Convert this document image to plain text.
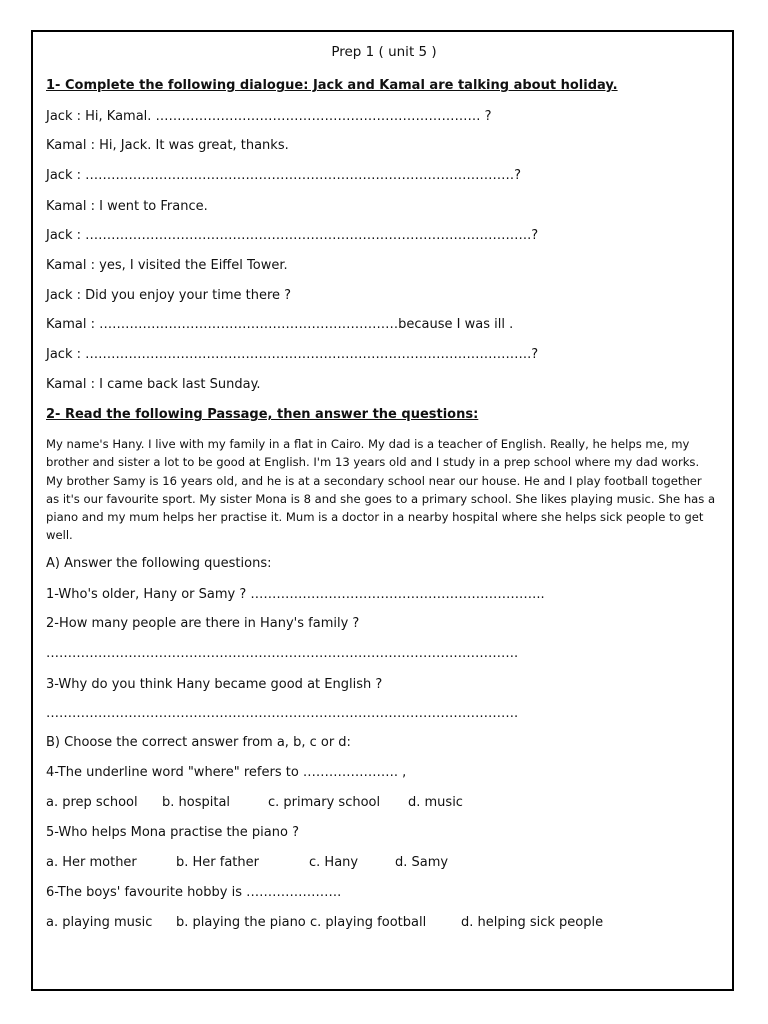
Prep 1 ( unit 5 )
1- Complete the following dialogue: Jack and Kamal are talking about holiday.
Jack : Hi, Kamal. ………………………………………………………………… ?
Kamal : Hi, Jack. It was great, thanks.
Jack : ………………………………………………………………………………………?
Kamal : I went to France.
Jack : ………………………………………………………………………………………….?
Kamal : yes, I visited the Eiffel Tower.
Jack : Did you enjoy your time there ?
Kamal : ……………………………………………………………because I was ill .
Jack : ………………………………………………………………………………………….?
Kamal : I came back last Sunday.
2- Read the following Passage, then answer the questions:

My name's Hany. I live with my family in a flat in Cairo. My dad is a teacher of English. Really, he helps me, my brother and sister a lot to be good at English. I'm 13 years old and I study in a prep school where my dad works. My brother Samy is 16 years old, and he is at a secondary school near our house. He and I play football together as it's our favourite sport. My sister Mona is 8 and she goes to a primary school. She likes playing music. She has a piano and my mum helps her practise it. Mum is a doctor in a nearby hospital where she helps sick people to get well.

A) Answer the following questions:
1-Who's older, Hany or Samy ? …………………………………………………………..
2-How many people are there in Hany's family ?
……………………………………………………………………………………………….
3-Why do you think Hany became good at English ?
……………………………………………………………………………………………….
B) Choose the correct answer from a, b, c or d:
4-The underline word "where" refers to …………………. ,
a. prep school b. hospital	c. primary school d. music
5-Who helps Mona practise the piano ?
a. Her mother	b. Her father	c. Hany	d. Samy
6-The boys' favourite hobby is ………………….
a. playing music b. playing the piano c. playing football	d. helping sick people
